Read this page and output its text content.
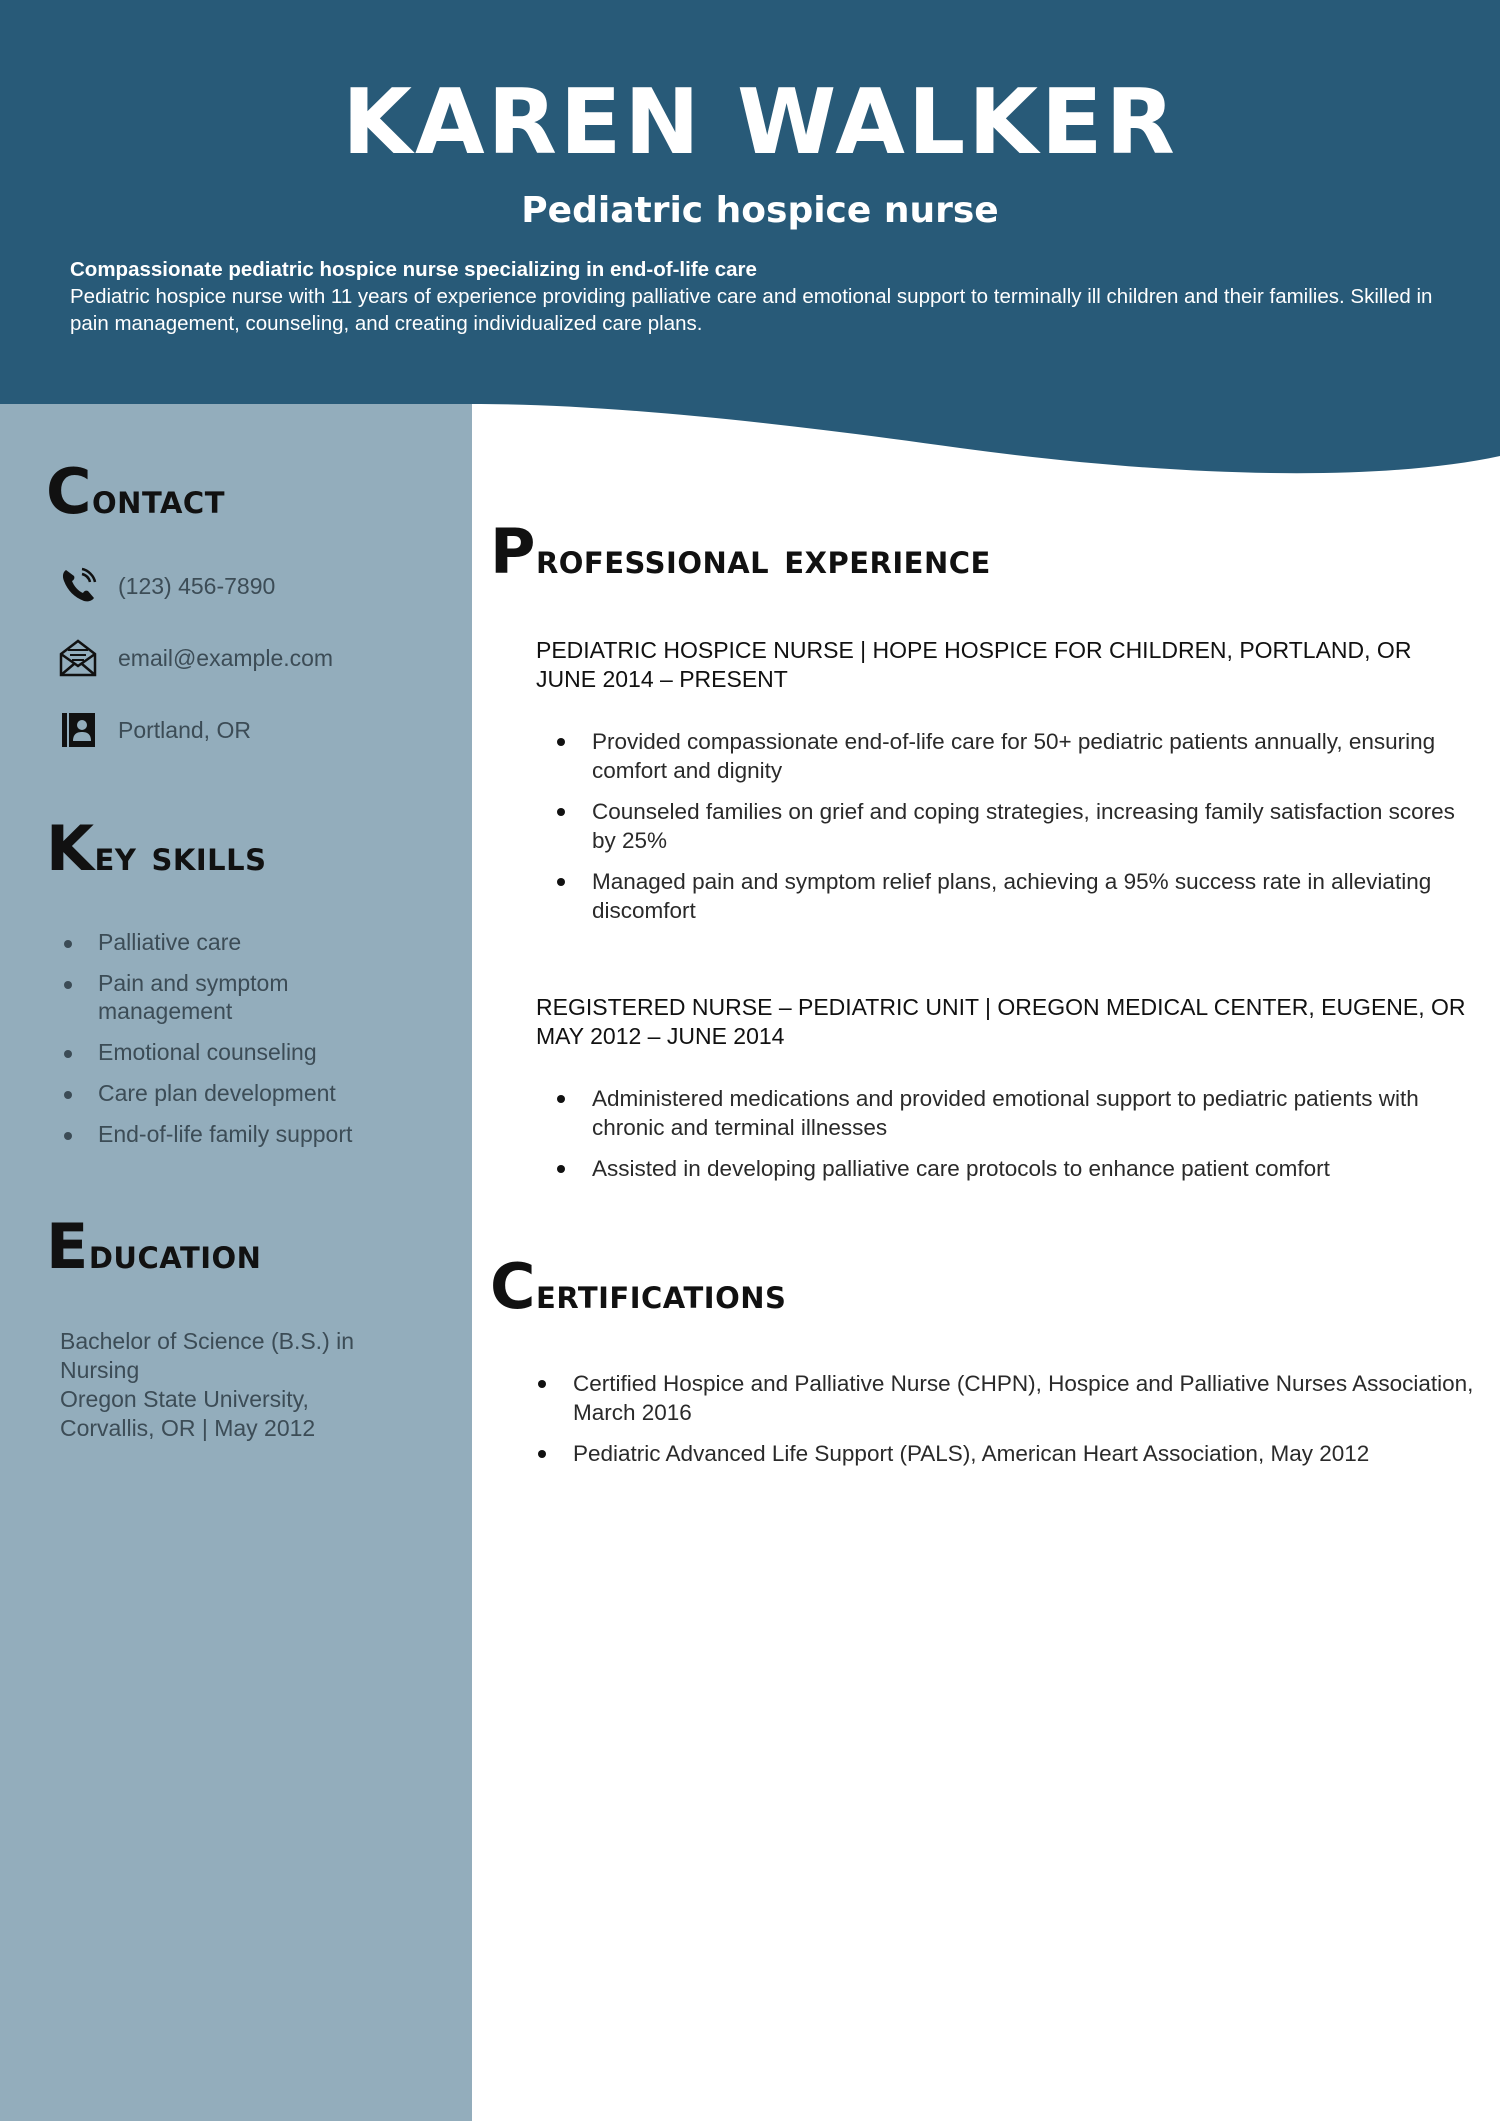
KAREN WALKER
Pediatric hospice nurse
Compassionate pediatric hospice nurse specializing in end-of-life care
Pediatric hospice nurse with 11 years of experience providing palliative care and emotional support to terminally ill children and their families. Skilled in pain management, counseling, and creating individualized care plans.
Contact
(123) 456-7890
email@example.com
Portland, OR
Key skills
Palliative care
Pain and symptom management
Emotional counseling
Care plan development
End-of-life family support
Education
Bachelor of Science (B.S.) in Nursing
Oregon State University, Corvallis, OR | May 2012
Professional experience
PEDIATRIC HOSPICE NURSE | HOPE HOSPICE FOR CHILDREN, PORTLAND, OR
JUNE 2014 – PRESENT
Provided compassionate end-of-life care for 50+ pediatric patients annually, ensuring comfort and dignity
Counseled families on grief and coping strategies, increasing family satisfaction scores by 25%
Managed pain and symptom relief plans, achieving a 95% success rate in alleviating discomfort
REGISTERED NURSE – PEDIATRIC UNIT | OREGON MEDICAL CENTER, EUGENE, OR
MAY 2012 – JUNE 2014
Administered medications and provided emotional support to pediatric patients with chronic and terminal illnesses
Assisted in developing palliative care protocols to enhance patient comfort
Certifications
Certified Hospice and Palliative Nurse (CHPN), Hospice and Palliative Nurses Association, March 2016
Pediatric Advanced Life Support (PALS), American Heart Association, May 2012
